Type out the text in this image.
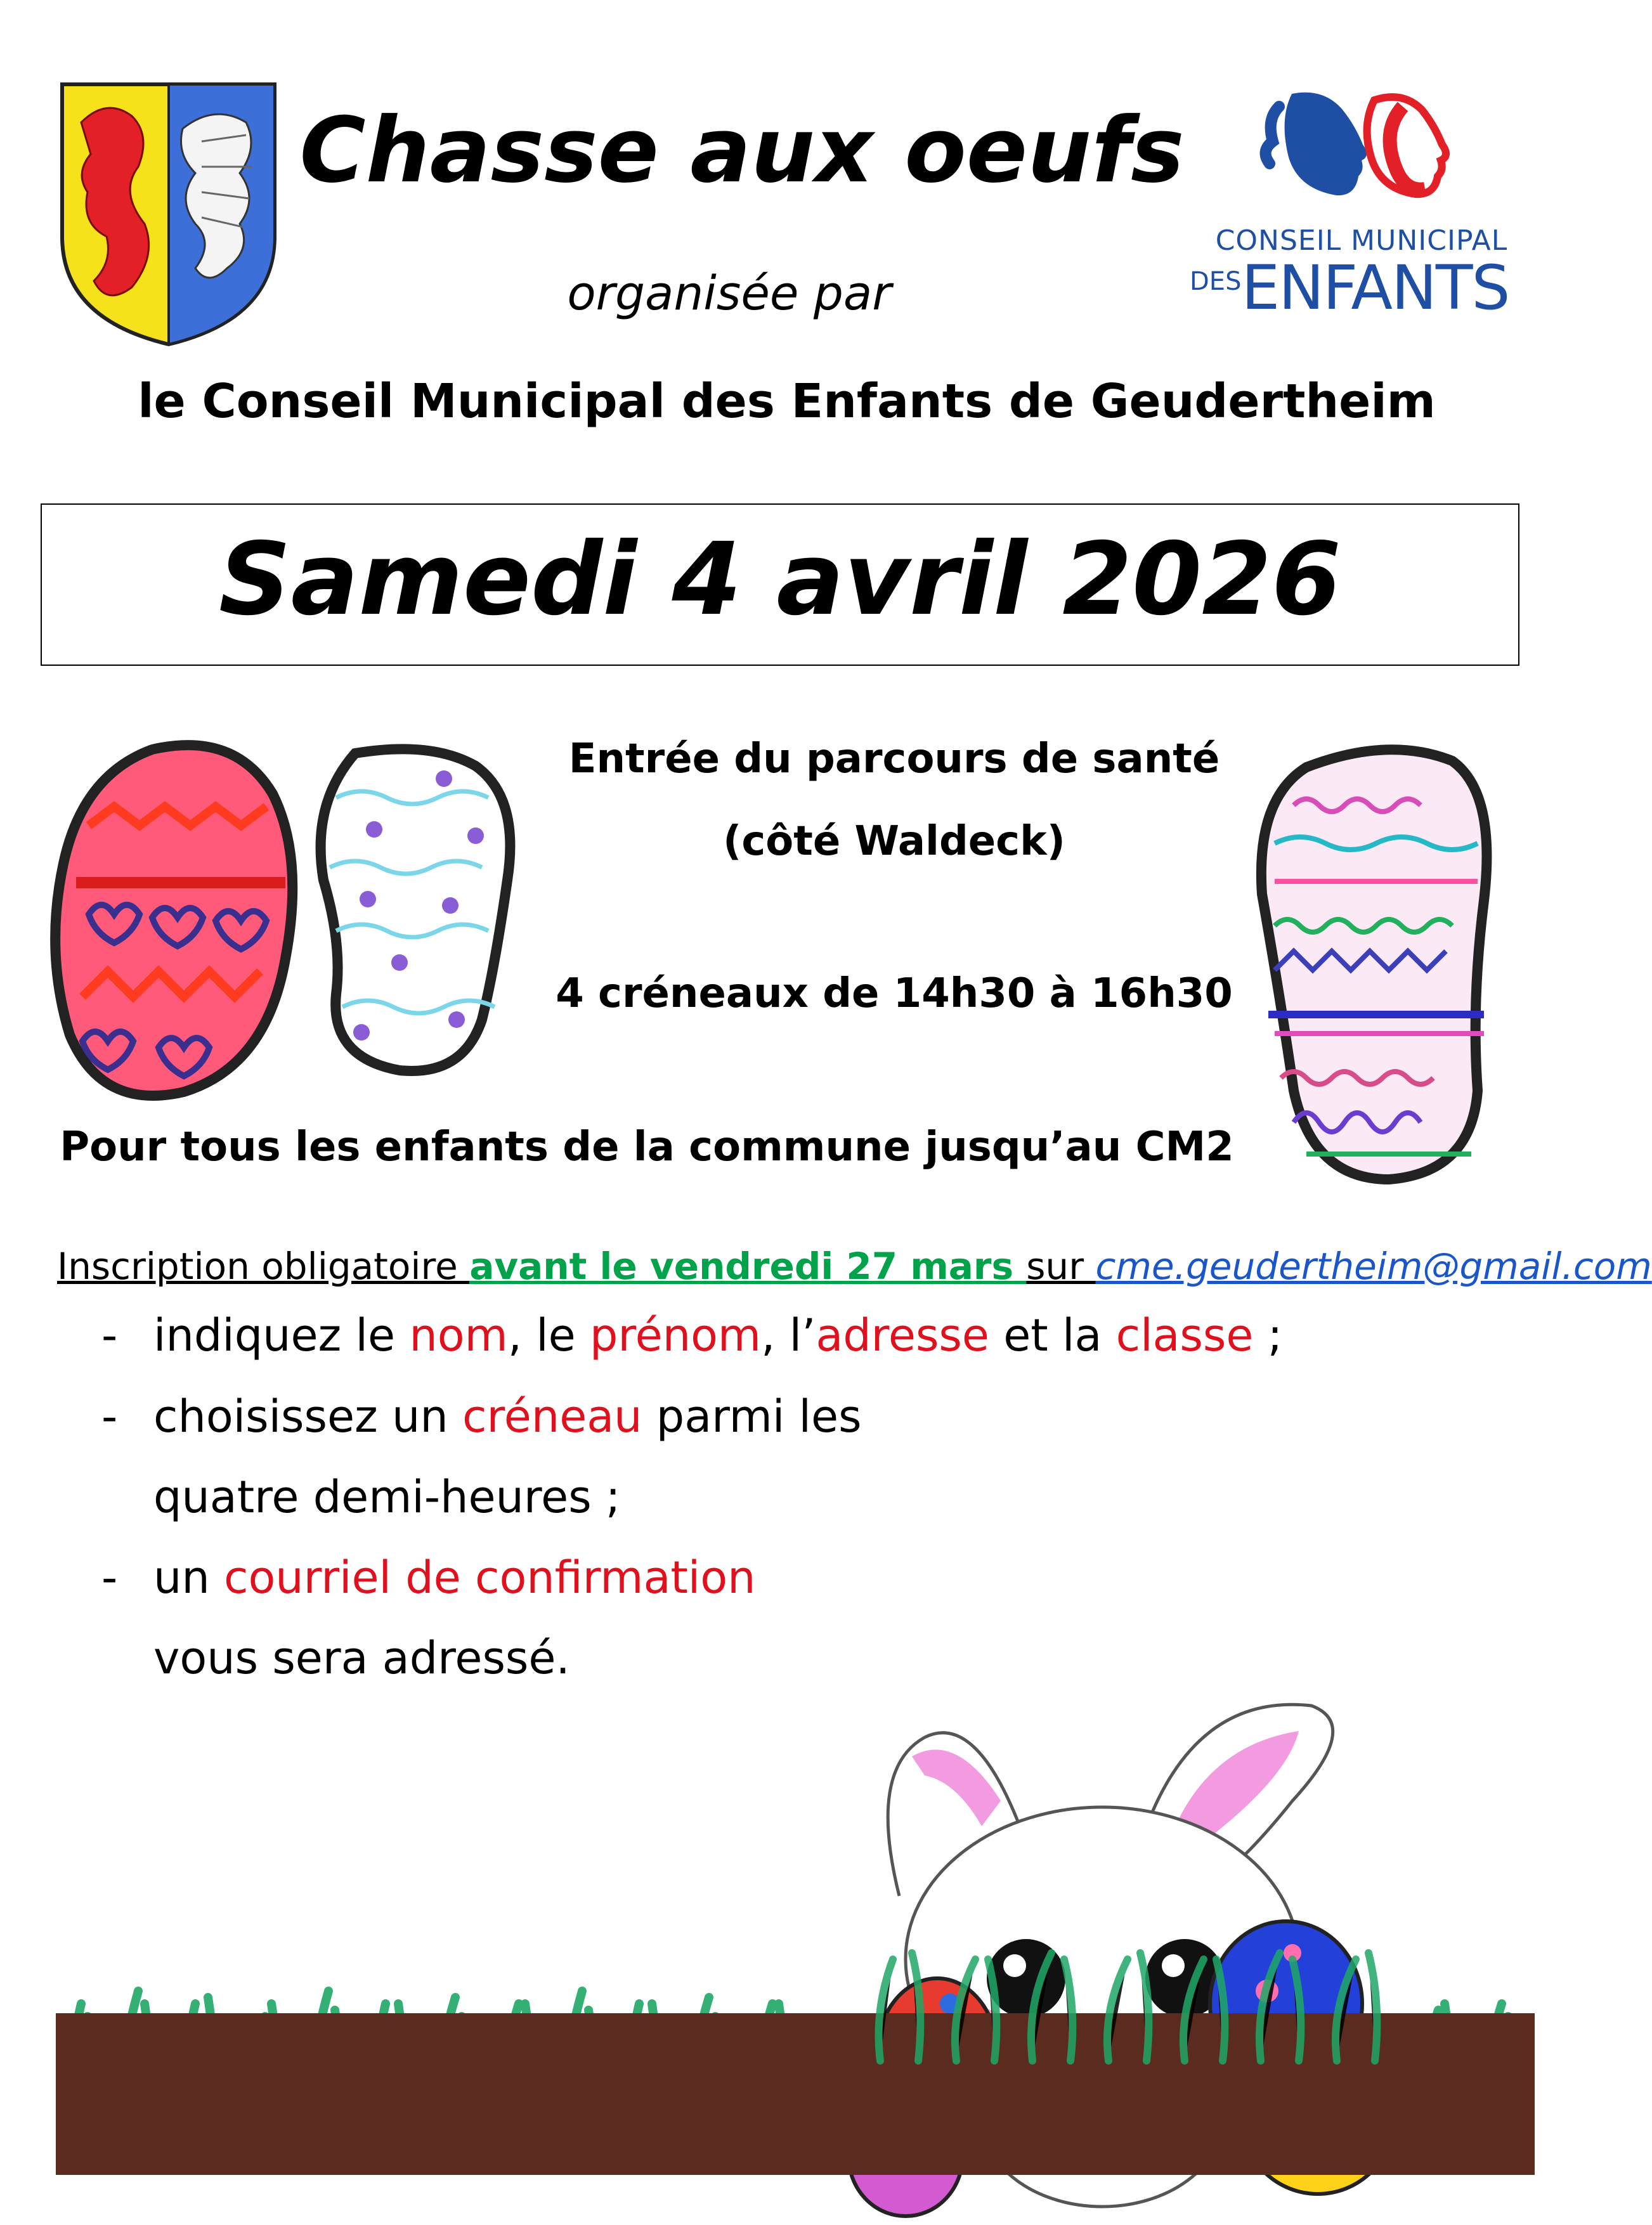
Chasse aux oeufs
organisée par
CONSEIL MUNICIPAL
DESENFANTS
le Conseil Municipal des Enfants de Geudertheim
Samedi 4 avril 2026
Entrée du parcours de santé
(côté Waldeck)
4 créneaux de 14h30 à 16h30
Pour tous les enfants de la commune jusqu’au CM2
Inscription obligatoire avant le vendredi 27 mars sur cme.geudertheim@gmail.com
- indiquez le nom, le prénom, l’adresse et la classe ;
- choisissez un créneau parmi les
quatre demi-heures ;
- un courriel de confirmation
vous sera adressé.
